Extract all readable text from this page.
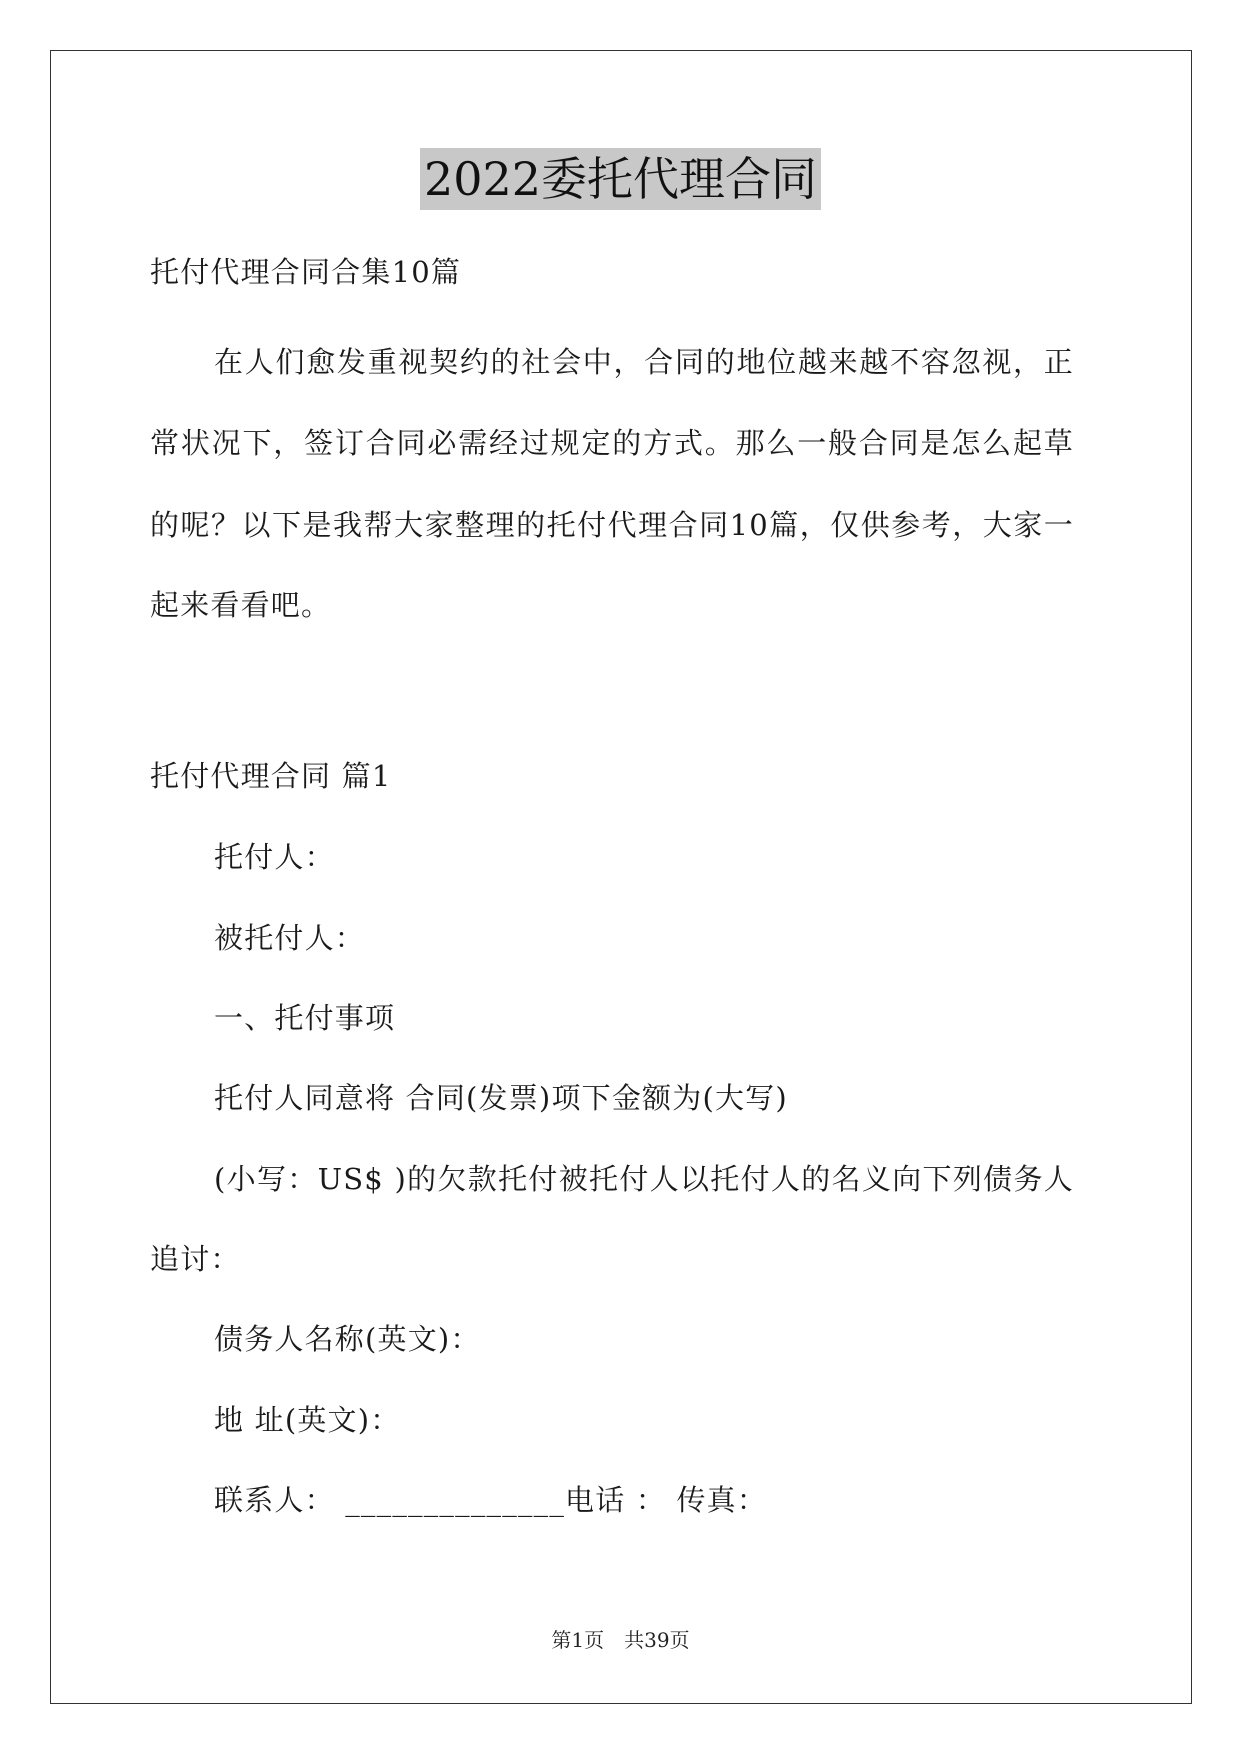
2022委托代理合同
托付代理合同合集10篇
在人们愈发重视契约的社会中，合同的地位越来越不容忽视，正
常状况下，签订合同必需经过规定的方式。那么一般合同是怎么起草
的呢？以下是我帮大家整理的托付代理合同10篇，仅供参考，大家一
起来看看吧。
托付代理合同 篇1
托付人：
被托付人：
一、托付事项
托付人同意将 合同(发票)项下金额为(大写)
(小写：US$ )的欠款托付被托付人以托付人的名义向下列债务人
追讨：
债务人名称(英文)：
地 址(英文)：
联系人： ______________电话 ： 传真：
第1页 共39页
